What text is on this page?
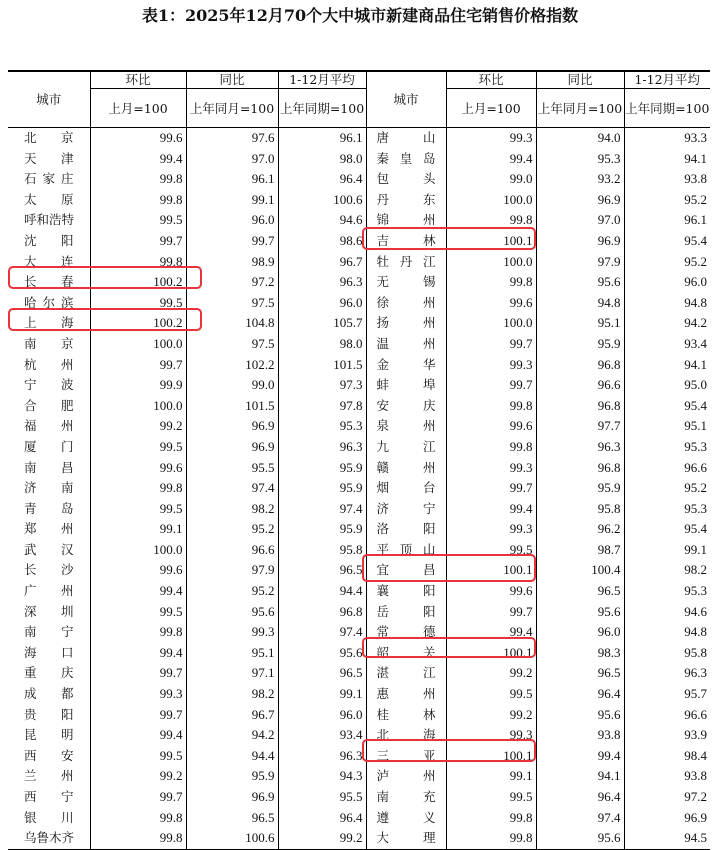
表1：2025年12月70个大中城市新建商品住宅销售价格指数
城市	环比	同比	1-12月平均	城市	环比	同比	1-12月平均
	上月=100	上年同月=100	上年同期=100		上月=100	上年同月=100	上年同期=100
北京	99.6	97.6	96.1	唐山	99.3	94.0	93.3
天津	99.4	97.0	98.0	秦皇岛	99.4	95.3	94.1
石家庄	99.8	96.1	96.4	包头	99.0	93.2	93.8
太原	99.8	99.1	100.6	丹东	100.0	96.9	95.2
呼和浩特	99.5	96.0	94.6	锦州	99.8	97.0	96.1
沈阳	99.7	99.7	98.6	吉林	100.1	96.9	95.4
大连	99.8	98.9	96.7	牡丹江	100.0	97.9	95.2
长春	100.2	97.2	96.3	无锡	99.8	95.6	96.0
哈尔滨	99.5	97.5	96.0	徐州	99.6	94.8	94.8
上海	100.2	104.8	105.7	扬州	100.0	95.1	94.2
南京	100.0	97.5	98.0	温州	99.7	95.9	93.4
杭州	99.7	102.2	101.5	金华	99.3	96.8	94.1
宁波	99.9	99.0	97.3	蚌埠	99.7	96.6	95.0
合肥	100.0	101.5	97.8	安庆	99.8	96.8	95.4
福州	99.2	96.9	95.3	泉州	99.6	97.7	95.1
厦门	99.5	96.9	96.3	九江	99.8	96.3	95.3
南昌	99.6	95.5	95.9	赣州	99.3	96.8	96.6
济南	99.8	97.4	95.9	烟台	99.7	95.9	95.2
青岛	99.5	98.2	97.4	济宁	99.4	95.8	95.3
郑州	99.1	95.2	95.9	洛阳	99.3	96.2	95.4
武汉	100.0	96.6	95.8	平顶山	99.5	98.7	99.1
长沙	99.6	97.9	96.5	宜昌	100.1	100.4	98.2
广州	99.4	95.2	94.4	襄阳	99.6	96.5	95.3
深圳	99.5	95.6	96.8	岳阳	99.7	95.6	94.6
南宁	99.8	99.3	97.4	常德	99.4	96.0	94.8
海口	99.4	95.1	95.6	韶关	100.1	98.3	95.8
重庆	99.7	97.1	96.5	湛江	99.2	96.5	96.3
成都	99.3	98.2	99.1	惠州	99.5	96.4	95.7
贵阳	99.7	96.7	96.0	桂林	99.2	95.6	96.6
昆明	99.4	94.2	93.4	北海	99.3	93.8	93.9
西安	99.5	94.4	96.3	三亚	100.1	99.4	98.4
兰州	99.2	95.9	94.3	泸州	99.1	94.1	93.8
西宁	99.7	96.9	95.5	南充	99.5	96.4	97.2
银川	99.8	96.5	96.4	遵义	99.8	97.4	96.9
乌鲁木齐	99.8	100.6	99.2	大理	99.8	95.6	94.5
